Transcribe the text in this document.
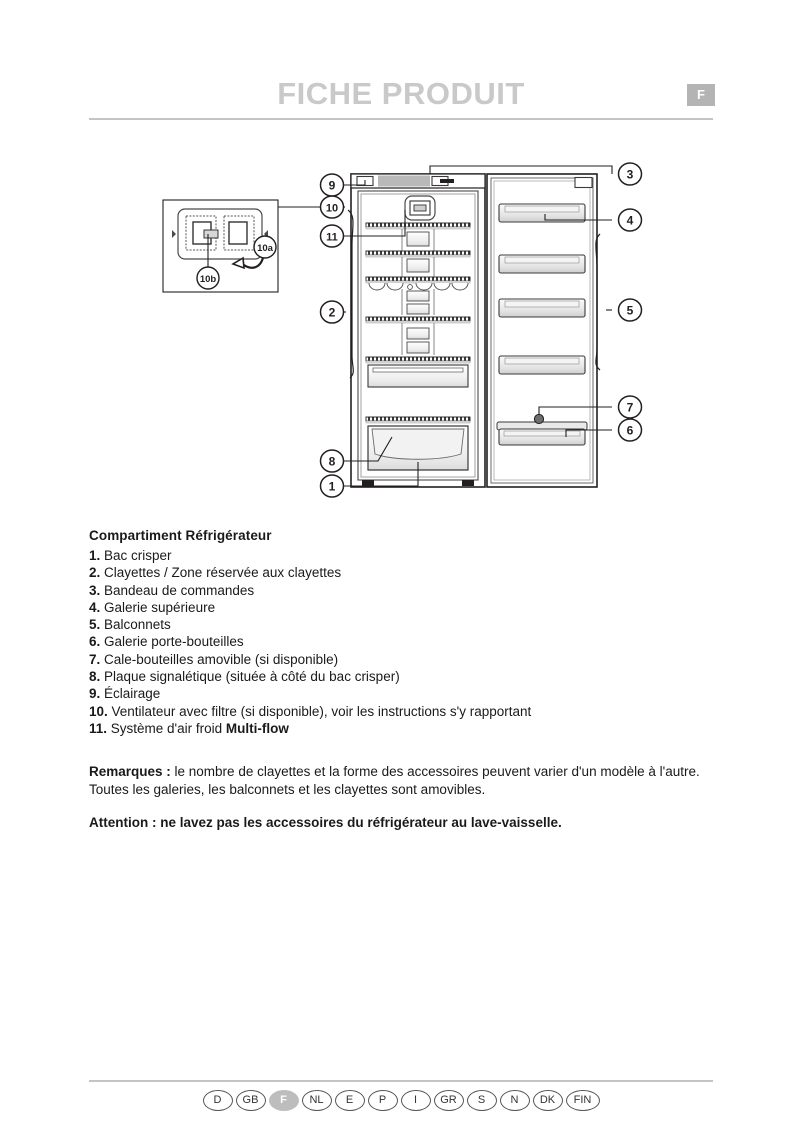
FICHE PRODUIT	F
10a
10b
9
10
11
2
8
1
3
4
5
7
6
Compartiment Réfrigérateur
1. Bac crisper
2. Clayettes / Zone réservée aux clayettes
3. Bandeau de commandes
4. Galerie supérieure
5. Balconnets
6. Galerie porte-bouteilles
7. Cale-bouteilles amovible (si disponible)
8. Plaque signalétique (située à côté du bac crisper)
9. Éclairage
10. Ventilateur avec filtre (si disponible), voir les instructions s'y rapportant
11. Système d'air froid Multi-flow
Remarques : le nombre de clayettes et la forme des accessoires peuvent varier d'un modèle à l'autre.
Toutes les galeries, les balconnets et les clayettes sont amovibles.
Attention : ne lavez pas les accessoires du réfrigérateur au lave-vaisselle.
D	GB	F	NL	E	P	I	GR	S	N	DK	FIN
